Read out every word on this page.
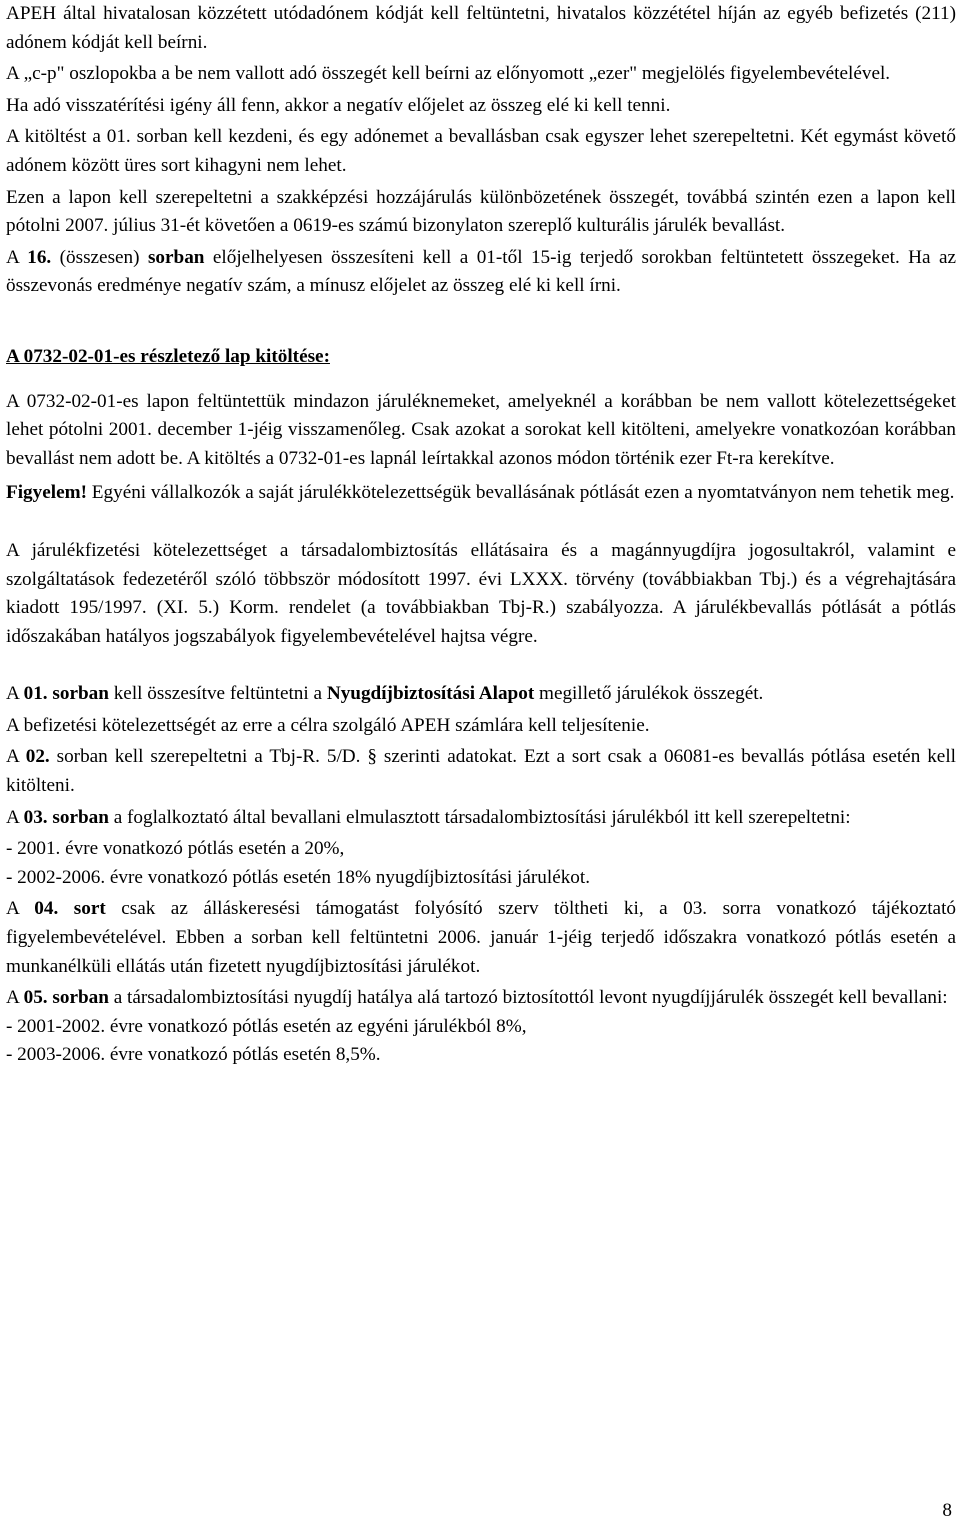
APEH által hivatalosan közzétett utódadónem kódját kell feltüntetni, hivatalos közzététel híján az egyéb befizetés (211) adónem kódját kell beírni.

A „c-p" oszlopokba a be nem vallott adó összegét kell beírni az előnyomott „ezer" megjelölés figyelembevételével.

Ha adó visszatérítési igény áll fenn, akkor a negatív előjelet az összeg elé ki kell tenni.

A kitöltést a 01. sorban kell kezdeni, és egy adónemet a bevallásban csak egyszer lehet szerepeltetni. Két egymást követő adónem között üres sort kihagyni nem lehet.

Ezen a lapon kell szerepeltetni a szakképzési hozzájárulás különbözetének összegét, továbbá szintén ezen a lapon kell pótolni 2007. július 31-ét követően a 0619-es számú bizonylaton szereplő kulturális járulék bevallást.

A 16. (összesen) sorban előjelhelyesen összesíteni kell a 01-től 15-ig terjedő sorokban feltüntetett összegeket. Ha az összevonás eredménye negatív szám, a mínusz előjelet az összeg elé ki kell írni.

A 0732-02-01-es részletező lap kitöltése:

A 0732-02-01-es lapon feltüntettük mindazon járuléknemeket, amelyeknél a korábban be nem vallott kötelezettségeket lehet pótolni 2001. december 1-jéig visszamenőleg. Csak azokat a sorokat kell kitölteni, amelyekre vonatkozóan korábban bevallást nem adott be. A kitöltés a 0732-01-es lapnál leírtakkal azonos módon történik ezer Ft-ra kerekítve.

Figyelem! Egyéni vállalkozók a saját járulékkötelezettségük bevallásának pótlását ezen a nyomtatványon nem tehetik meg.

A járulékfizetési kötelezettséget a társadalombiztosítás ellátásaira és a magánnyugdíjra jogosultakról, valamint e szolgáltatások fedezetéről szóló többször módosított 1997. évi LXXX. törvény (továbbiakban Tbj.) és a végrehajtására kiadott 195/1997. (XI. 5.) Korm. rendelet (a továbbiakban Tbj-R.) szabályozza. A járulékbevallás pótlását a pótlás időszakában hatályos jogszabályok figyelembevételével hajtsa végre.

A 01. sorban kell összesítve feltüntetni a Nyugdíjbiztosítási Alapot megillető járulékok összegét.

A befizetési kötelezettségét az erre a célra szolgáló APEH számlára kell teljesítenie.

A 02. sorban kell szerepeltetni a Tbj-R. 5/D. § szerinti adatokat. Ezt a sort csak a 06081-es bevallás pótlása esetén kell kitölteni.

A 03. sorban a foglalkoztató által bevallani elmulasztott társadalombiztosítási járulékból itt kell szerepeltetni:

- 2001. évre vonatkozó pótlás esetén a 20%,

- 2002-2006. évre vonatkozó pótlás esetén 18% nyugdíjbiztosítási járulékot.

A 04. sort csak az álláskeresési támogatást folyósító szerv töltheti ki, a 03. sorra vonatkozó tájékoztató figyelembevételével. Ebben a sorban kell feltüntetni 2006. január 1-jéig terjedő időszakra vonatkozó pótlás esetén a munkanélküli ellátás után fizetett nyugdíjbiztosítási járulékot.

A 05. sorban a társadalombiztosítási nyugdíj hatálya alá tartozó biztosítottól levont nyugdíjjárulék összegét kell bevallani:

- 2001-2002. évre vonatkozó pótlás esetén az egyéni járulékból 8%,

- 2003-2006. évre vonatkozó pótlás esetén 8,5%.

8
